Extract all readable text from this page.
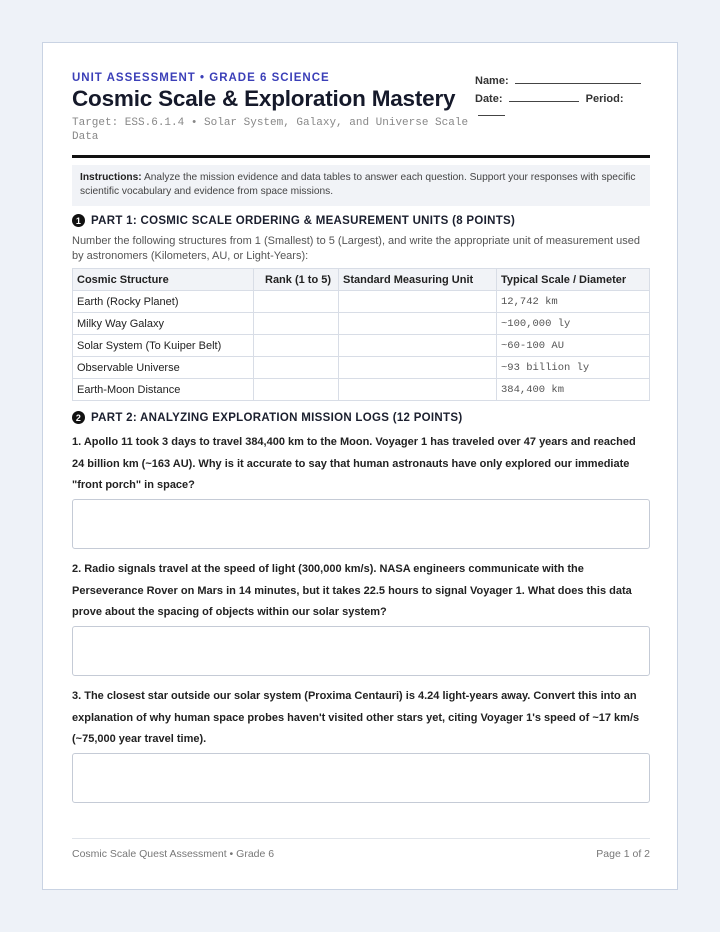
UNIT ASSESSMENT • GRADE 6 SCIENCE
Cosmic Scale & Exploration Mastery
Target: ESS.6.1.4 • Solar System, Galaxy, and Universe Scale Data
Name:
Date:	Period:
Instructions: Analyze the mission evidence and data tables to answer each question. Support your responses with specific scientific vocabulary and evidence from space missions.
1 PART 1: COSMIC SCALE ORDERING & MEASUREMENT UNITS (8 POINTS)
Number the following structures from 1 (Smallest) to 5 (Largest), and write the appropriate unit of measurement used by astronomers (Kilometers, AU, or Light-Years):
Cosmic Structure	Rank (1 to 5)	Standard Measuring Unit	Typical Scale / Diameter
Earth (Rocky Planet)			12,742 km
Milky Way Galaxy			~100,000 ly
Solar System (To Kuiper Belt)			~60-100 AU
Observable Universe			~93 billion ly
Earth-Moon Distance			384,400 km
2 PART 2: ANALYZING EXPLORATION MISSION LOGS (12 POINTS)
1. Apollo 11 took 3 days to travel 384,400 km to the Moon. Voyager 1 has traveled over 47 years and reached 24 billion km (~163 AU). Why is it accurate to say that human astronauts have only explored our immediate "front porch" in space?
2. Radio signals travel at the speed of light (300,000 km/s). NASA engineers communicate with the Perseverance Rover on Mars in 14 minutes, but it takes 22.5 hours to signal Voyager 1. What does this data prove about the spacing of objects within our solar system?
3. The closest star outside our solar system (Proxima Centauri) is 4.24 light-years away. Convert this into an explanation of why human space probes haven't visited other stars yet, citing Voyager 1's speed of ~17 km/s (~75,000 year travel time).
Cosmic Scale Quest Assessment • Grade 6	Page 1 of 2
